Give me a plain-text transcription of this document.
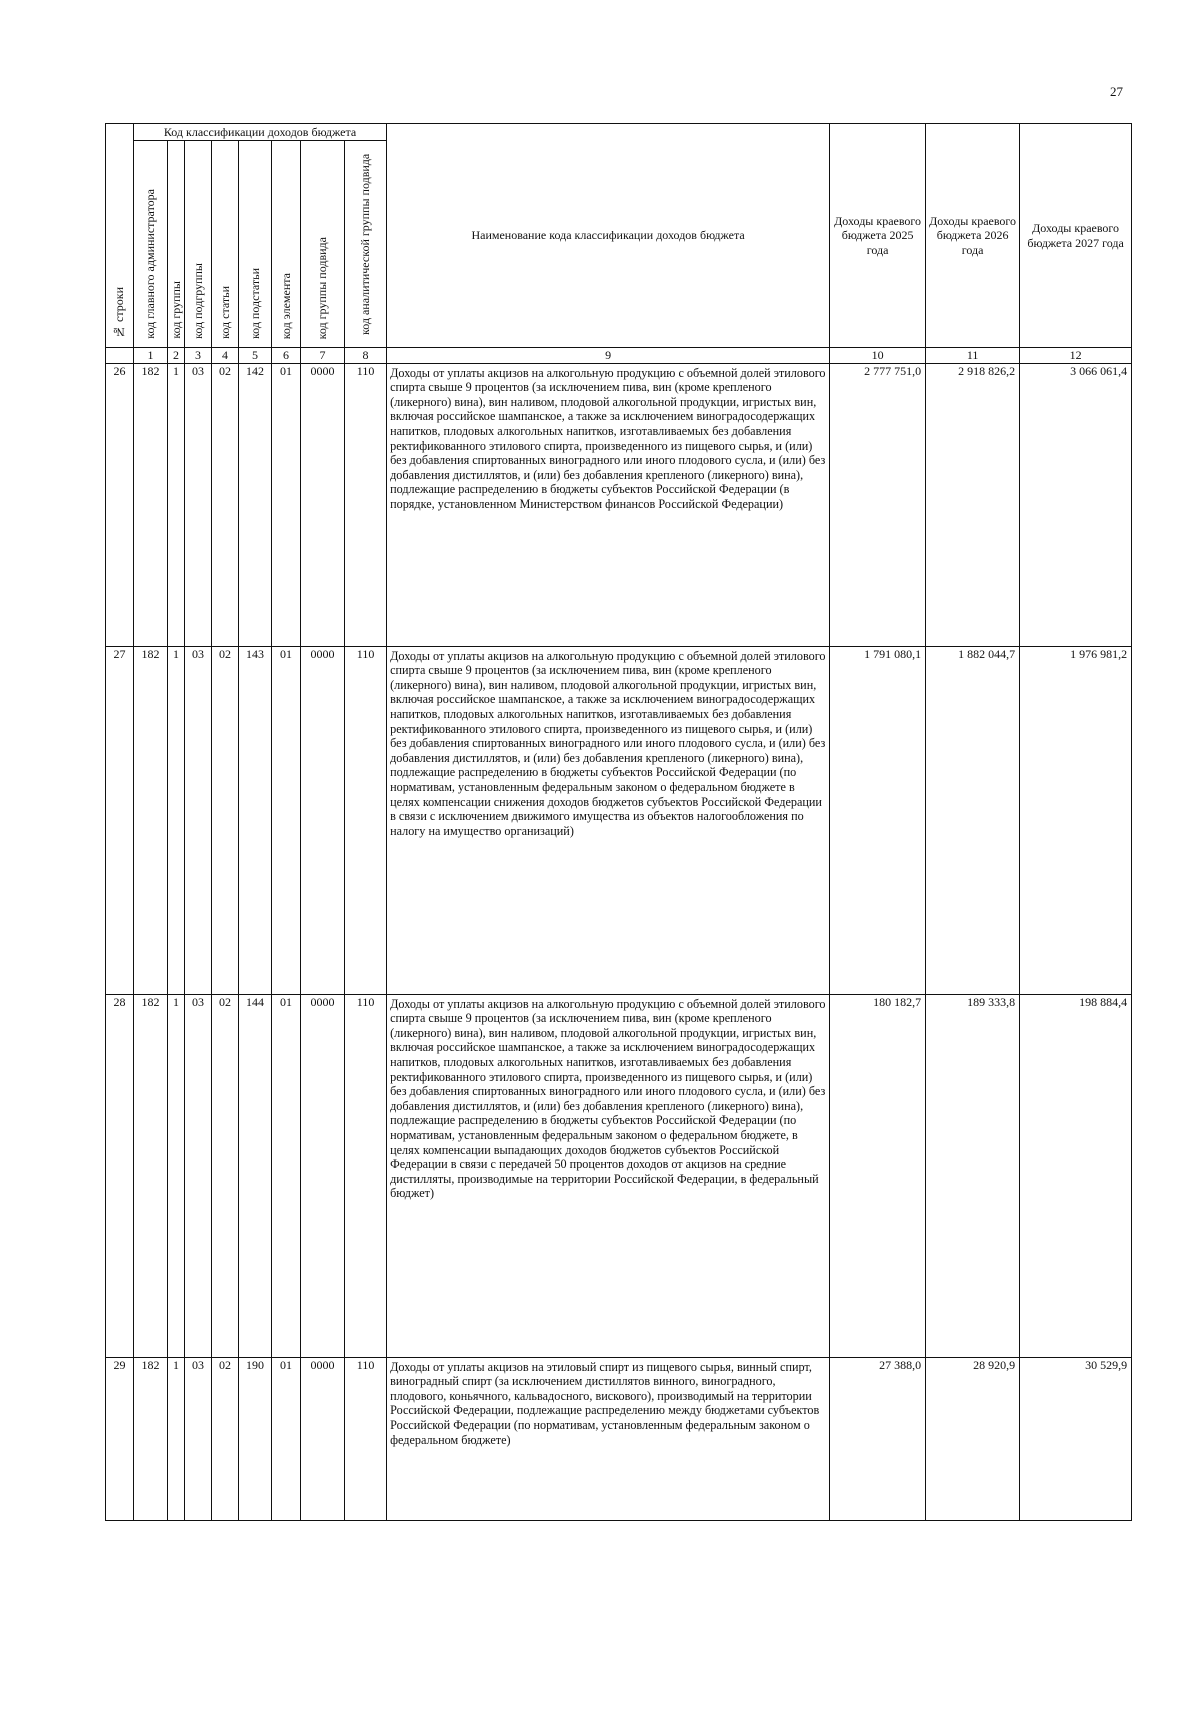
27
№ строки	Код классификации доходов бюджета								Наименование кода классификации доходов бюджета	Доходы краевого бюджета 2025 года	Доходы краевого бюджета 2026 года	Доходы краевого бюджета 2027 года

	код главного администратора	код группы	код подгруппы	код статьи	код подстатьи	код элемента	код группы подвида	код аналитической группы подвида				

	1	2	3	4	5	6	7	8	9	10	11	12
26	182	1	03	02	142	01	0000	110	Доходы от уплаты акцизов на алкогольную продукцию с объемной долей этилового спирта свыше 9 процентов (за исключением пива, вин (кроме крепленого (ликерного) вина), вин наливом, плодовой алкогольной продукции, игристых вин, включая российское шампанское, а также за исключением виноградосодержащих напитков, плодовых алкогольных напитков, изготавливаемых без добавления ректификованного этилового спирта, произведенного из пищевого сырья, и (или) без добавления спиртованных виноградного или иного плодового сусла, и (или) без добавления дистиллятов, и (или) без добавления крепленого (ликерного) вина), подлежащие распределению в бюджеты субъектов Российской Федерации (в порядке, установленном Министерством финансов Российской Федерации)	2 777 751,0	2 918 826,2	3 066 061,4
27	182	1	03	02	143	01	0000	110	Доходы от уплаты акцизов на алкогольную продукцию с объемной долей этилового спирта свыше 9 процентов (за исключением пива, вин (кроме крепленого (ликерного) вина), вин наливом, плодовой алкогольной продукции, игристых вин, включая российское шампанское, а также за исключением виноградосодержащих напитков, плодовых алкогольных напитков, изготавливаемых без добавления ректификованного этилового спирта, произведенного из пищевого сырья, и (или) без добавления спиртованных виноградного или иного плодового сусла, и (или) без добавления дистиллятов, и (или) без добавления крепленого (ликерного) вина), подлежащие распределению в бюджеты субъектов Российской Федерации (по нормативам, установленным федеральным законом о федеральном бюджете в целях компенсации снижения доходов бюджетов субъектов Российской Федерации в связи с исключением движимого имущества из объектов налогообложения по налогу на имущество организаций)	1 791 080,1	1 882 044,7	1 976 981,2
28	182	1	03	02	144	01	0000	110	Доходы от уплаты акцизов на алкогольную продукцию с объемной долей этилового спирта свыше 9 процентов (за исключением пива, вин (кроме крепленого (ликерного) вина), вин наливом, плодовой алкогольной продукции, игристых вин, включая российское шампанское, а также за исключением виноградосодержащих напитков, плодовых алкогольных напитков, изготавливаемых без добавления ректификованного этилового спирта, произведенного из пищевого сырья, и (или) без добавления спиртованных виноградного или иного плодового сусла, и (или) без добавления дистиллятов, и (или) без добавления крепленого (ликерного) вина), подлежащие распределению в бюджеты субъектов Российской Федерации (по нормативам, установленным федеральным законом о федеральном бюджете, в целях компенсации выпадающих доходов бюджетов субъектов Российской Федерации в связи с передачей 50 процентов доходов от акцизов на средние дистилляты, производимые на территории Российской Федерации, в федеральный бюджет)	180 182,7	189 333,8	198 884,4
29	182	1	03	02	190	01	0000	110	Доходы от уплаты акцизов на этиловый спирт из пищевого сырья, винный спирт, виноградный спирт (за исключением дистиллятов винного, виноградного, плодового, коньячного, кальвадосного, вискового), производимый на территории Российской Федерации, подлежащие распределению между бюджетами субъектов Российской Федерации (по нормативам, установленным федеральным законом о федеральном бюджете)	27 388,0	28 920,9	30 529,9
